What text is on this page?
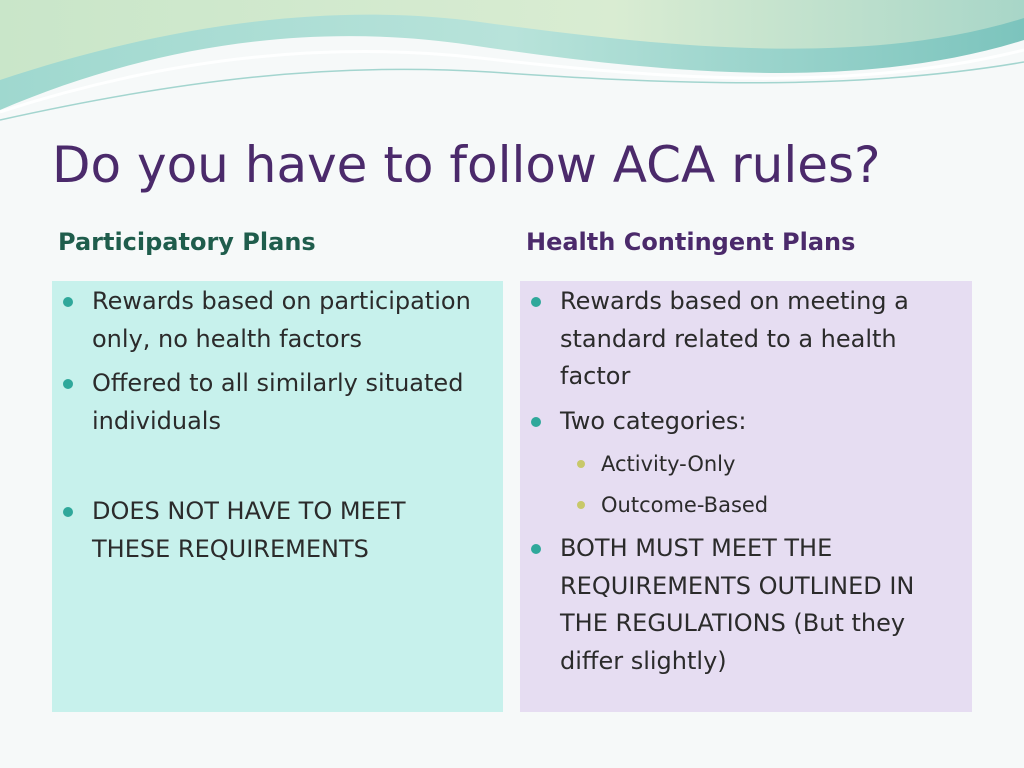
Do you have to follow ACA rules?
Participatory Plans	Health Contingent Plans
Rewards based on participation
only, no health factors
Offered to all similarly situated
individuals
DOES NOT HAVE TO MEET
THESE REQUIREMENTS
Rewards based on meeting a
standard related to a health
factor
Two categories:
Activity-Only
Outcome-Based
BOTH MUST MEET THE
REQUIREMENTS OUTLINED IN
THE REGULATIONS (But they
differ slightly)
